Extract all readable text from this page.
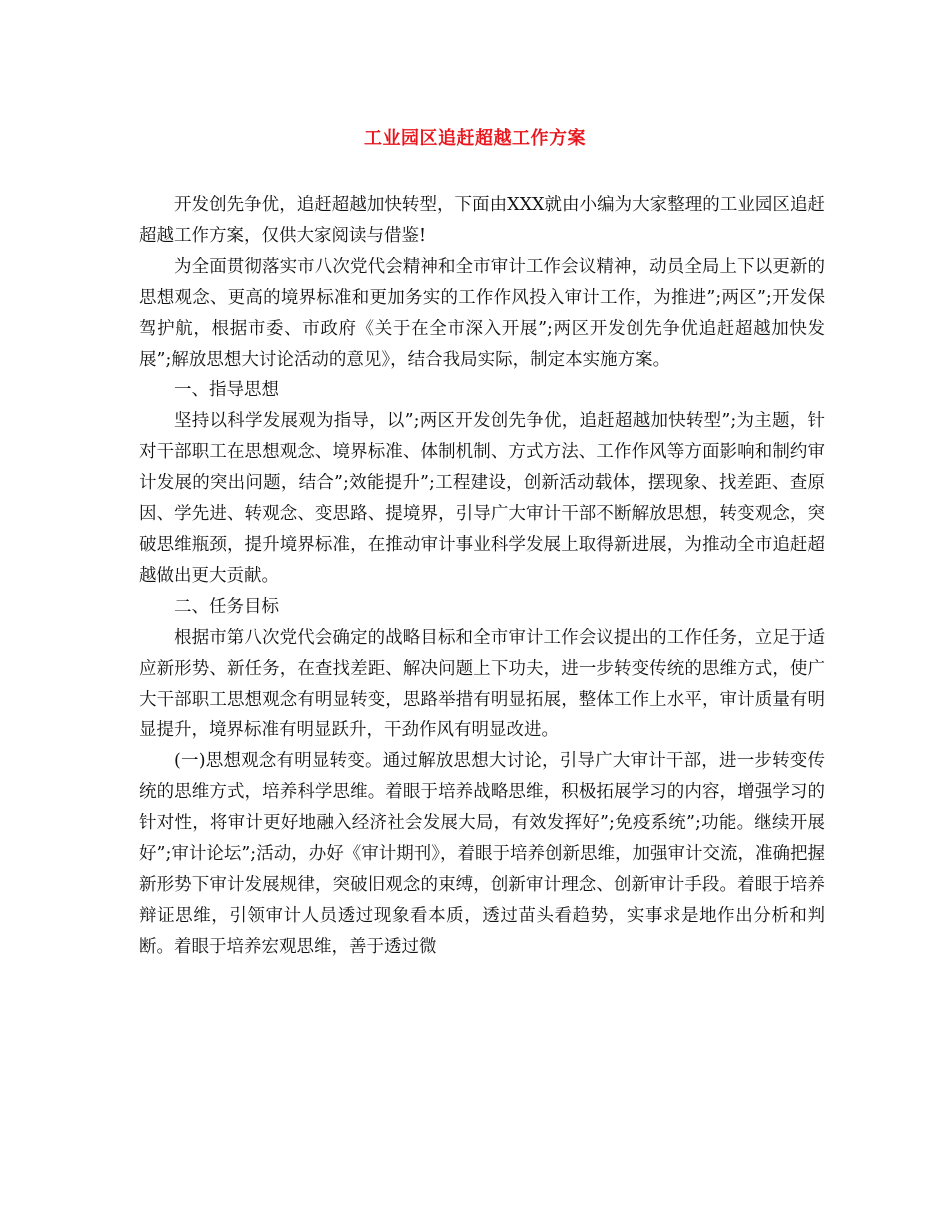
工业园区追赶超越工作方案

开发创先争优，追赶超越加快转型，下面由XXX就由小编为大家整理的工业园区追赶超越工作方案，仅供大家阅读与借鉴!

为全面贯彻落实市八次党代会精神和全市审计工作会议精神，动员全局上下以更新的思想观念、更高的境界标准和更加务实的工作作风投入审计工作，为推进”;两区”;开发保驾护航，根据市委、市政府《关于在全市深入开展”;两区开发创先争优追赶超越加快发展”;解放思想大讨论活动的意见》，结合我局实际，制定本实施方案。

一、指导思想

坚持以科学发展观为指导，以”;两区开发创先争优，追赶超越加快转型”;为主题，针对干部职工在思想观念、境界标准、体制机制、方式方法、工作作风等方面影响和制约审计发展的突出问题，结合”;效能提升”;工程建设，创新活动载体，摆现象、找差距、查原因、学先进、转观念、变思路、提境界，引导广大审计干部不断解放思想，转变观念，突破思维瓶颈，提升境界标准，在推动审计事业科学发展上取得新进展，为推动全市追赶超越做出更大贡献。

二、任务目标

根据市第八次党代会确定的战略目标和全市审计工作会议提出的工作任务，立足于适应新形势、新任务，在查找差距、解决问题上下功夫，进一步转变传统的思维方式，使广大干部职工思想观念有明显转变，思路举措有明显拓展，整体工作上水平，审计质量有明显提升，境界标准有明显跃升，干劲作风有明显改进。

(一)思想观念有明显转变。通过解放思想大讨论，引导广大审计干部，进一步转变传统的思维方式，培养科学思维。着眼于培养战略思维，积极拓展学习的内容，增强学习的针对性，将审计更好地融入经济社会发展大局，有效发挥好”;免疫系统”;功能。继续开展好”;审计论坛”;活动，办好《审计期刊》，着眼于培养创新思维，加强审计交流，准确把握新形势下审计发展规律，突破旧观念的束缚，创新审计理念、创新审计手段。着眼于培养辩证思维，引领审计人员透过现象看本质，透过苗头看趋势，实事求是地作出分析和判断。着眼于培养宏观思维，善于透过微
